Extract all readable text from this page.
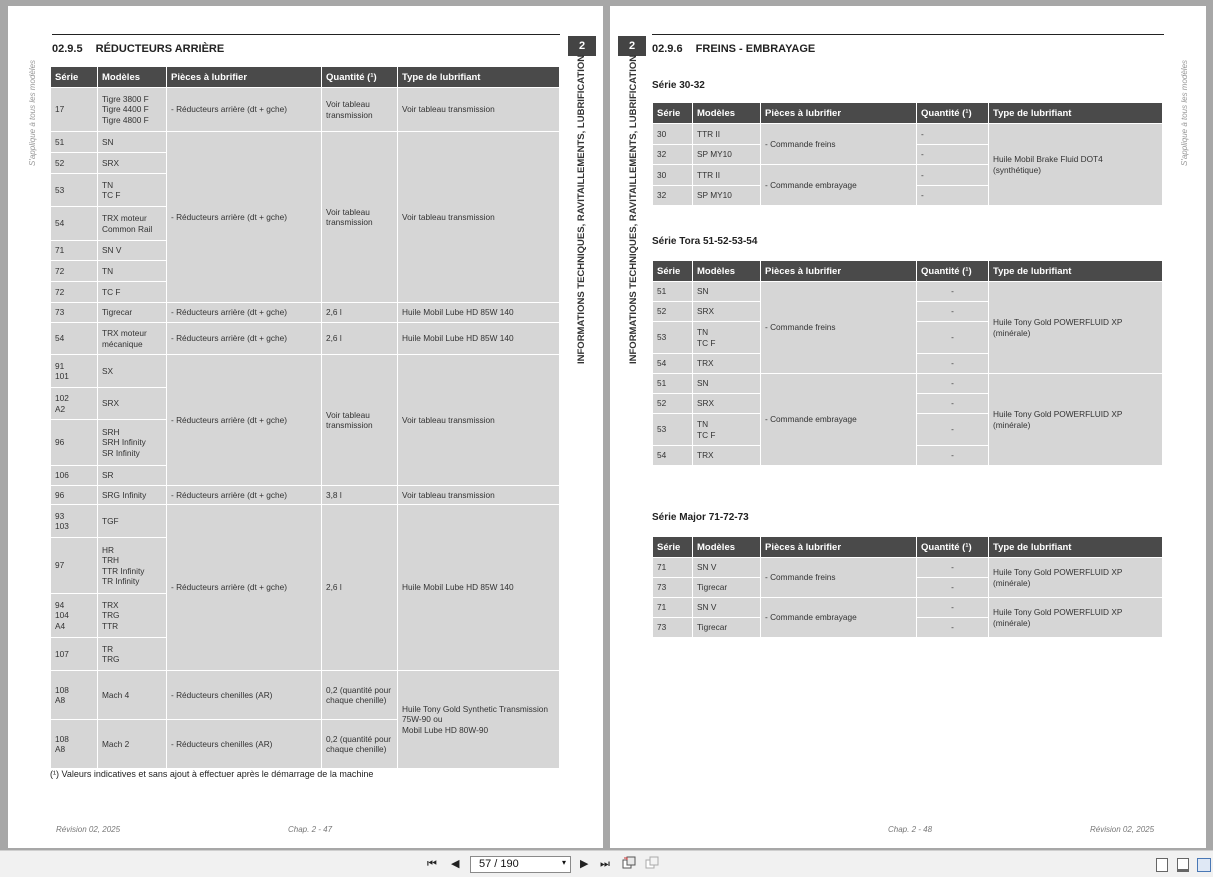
02.9.5 RÉDUCTEURS ARRIÈRE	2
INFORMATIONS TECHNIQUES, RAVITAILLEMENTS, LUBRIFICATION
S'applique à tous les modèles Série	Modèles	Pièces à lubrifier	Quantité (¹)	Type de lubrifiant
17	Tigre 3800 F
Tigre 4400 F
Tigre 4800 F	- Réducteurs arrière (dt + gche)	Voir tableau
transmission	Voir tableau transmission
51	SN	- Réducteurs arrière (dt + gche)	Voir tableau
transmission	Voir tableau transmission
52	SRX			
53	TN
TC F			
54	TRX moteur
Common Rail			
71	SN V			
72	TN			
72	TC F			
73	Tigrecar	- Réducteurs arrière (dt + gche)	2,6 l	Huile Mobil Lube HD 85W 140
54	TRX moteur
mécanique	- Réducteurs arrière (dt + gche)	2,6 l	Huile Mobil Lube HD 85W 140
91
101	SX	- Réducteurs arrière (dt + gche)	Voir tableau
transmission	Voir tableau transmission
102
A2	SRX			
96	SRH
SRH Infinity
SR Infinity			
106	SR			
96	SRG Infinity	- Réducteurs arrière (dt + gche)	3,8 l	Voir tableau transmission
93
103	TGF	- Réducteurs arrière (dt + gche)	2,6 l	Huile Mobil Lube HD 85W 140
97	HR
TRH
TTR Infinity
TR Infinity			
94
104
A4	TRX
TRG
TTR			
107	TR
TRG			
108
A8	Mach 4	- Réducteurs chenilles (AR)	0,2 (quantité pour
chaque chenille)	Huile Tony Gold Synthetic Transmission
75W-90 ou
Mobil Lube HD 80W-90
108
A8	Mach 2	- Réducteurs chenilles (AR)	0,2 (quantité pour
chaque chenille)	
(¹) Valeurs indicatives et sans ajout à effectuer après le démarrage de la machine
Révision 02, 2025	Chap. 2 - 47
2
INFORMATIONS TECHNIQUES, RAVITAILLEMENTS, LUBRIFICATION
02.9.6 FREINS - EMBRAYAGE
S'applique à tous les modèles
Série 30-32
Série	Modèles	Pièces à lubrifier	Quantité (¹)	Type de lubrifiant
30	TTR II	- Commande freins	-	Huile Mobil Brake Fluid DOT4
(synthétique)
32	SP MY10		-	
30	TTR II	- Commande embrayage	-	
32	SP MY10		-	
Série Tora 51-52-53-54
Série	Modèles	Pièces à lubrifier	Quantité (¹)	Type de lubrifiant
51	SN	- Commande freins	-	Huile Tony Gold POWERFLUID XP
(minérale)
52	SRX		-	
53	TN
TC F		-	
54	TRX		-	
51	SN	- Commande embrayage	-	Huile Tony Gold POWERFLUID XP
(minérale)
52	SRX		-	
53	TN
TC F		-	
54	TRX		-	
Série Major 71-72-73
Série	Modèles	Pièces à lubrifier	Quantité (¹)	Type de lubrifiant
71	SN V	- Commande freins	-	Huile Tony Gold POWERFLUID XP
(minérale)
73	Tigrecar		-	
71	SN V	- Commande embrayage	-	Huile Tony Gold POWERFLUID XP
(minérale)
73	Tigrecar		-	
Chap. 2 - 48	Révision 02, 2025
⏮ ◀	57 / 190	▾ ▶ ⏭
